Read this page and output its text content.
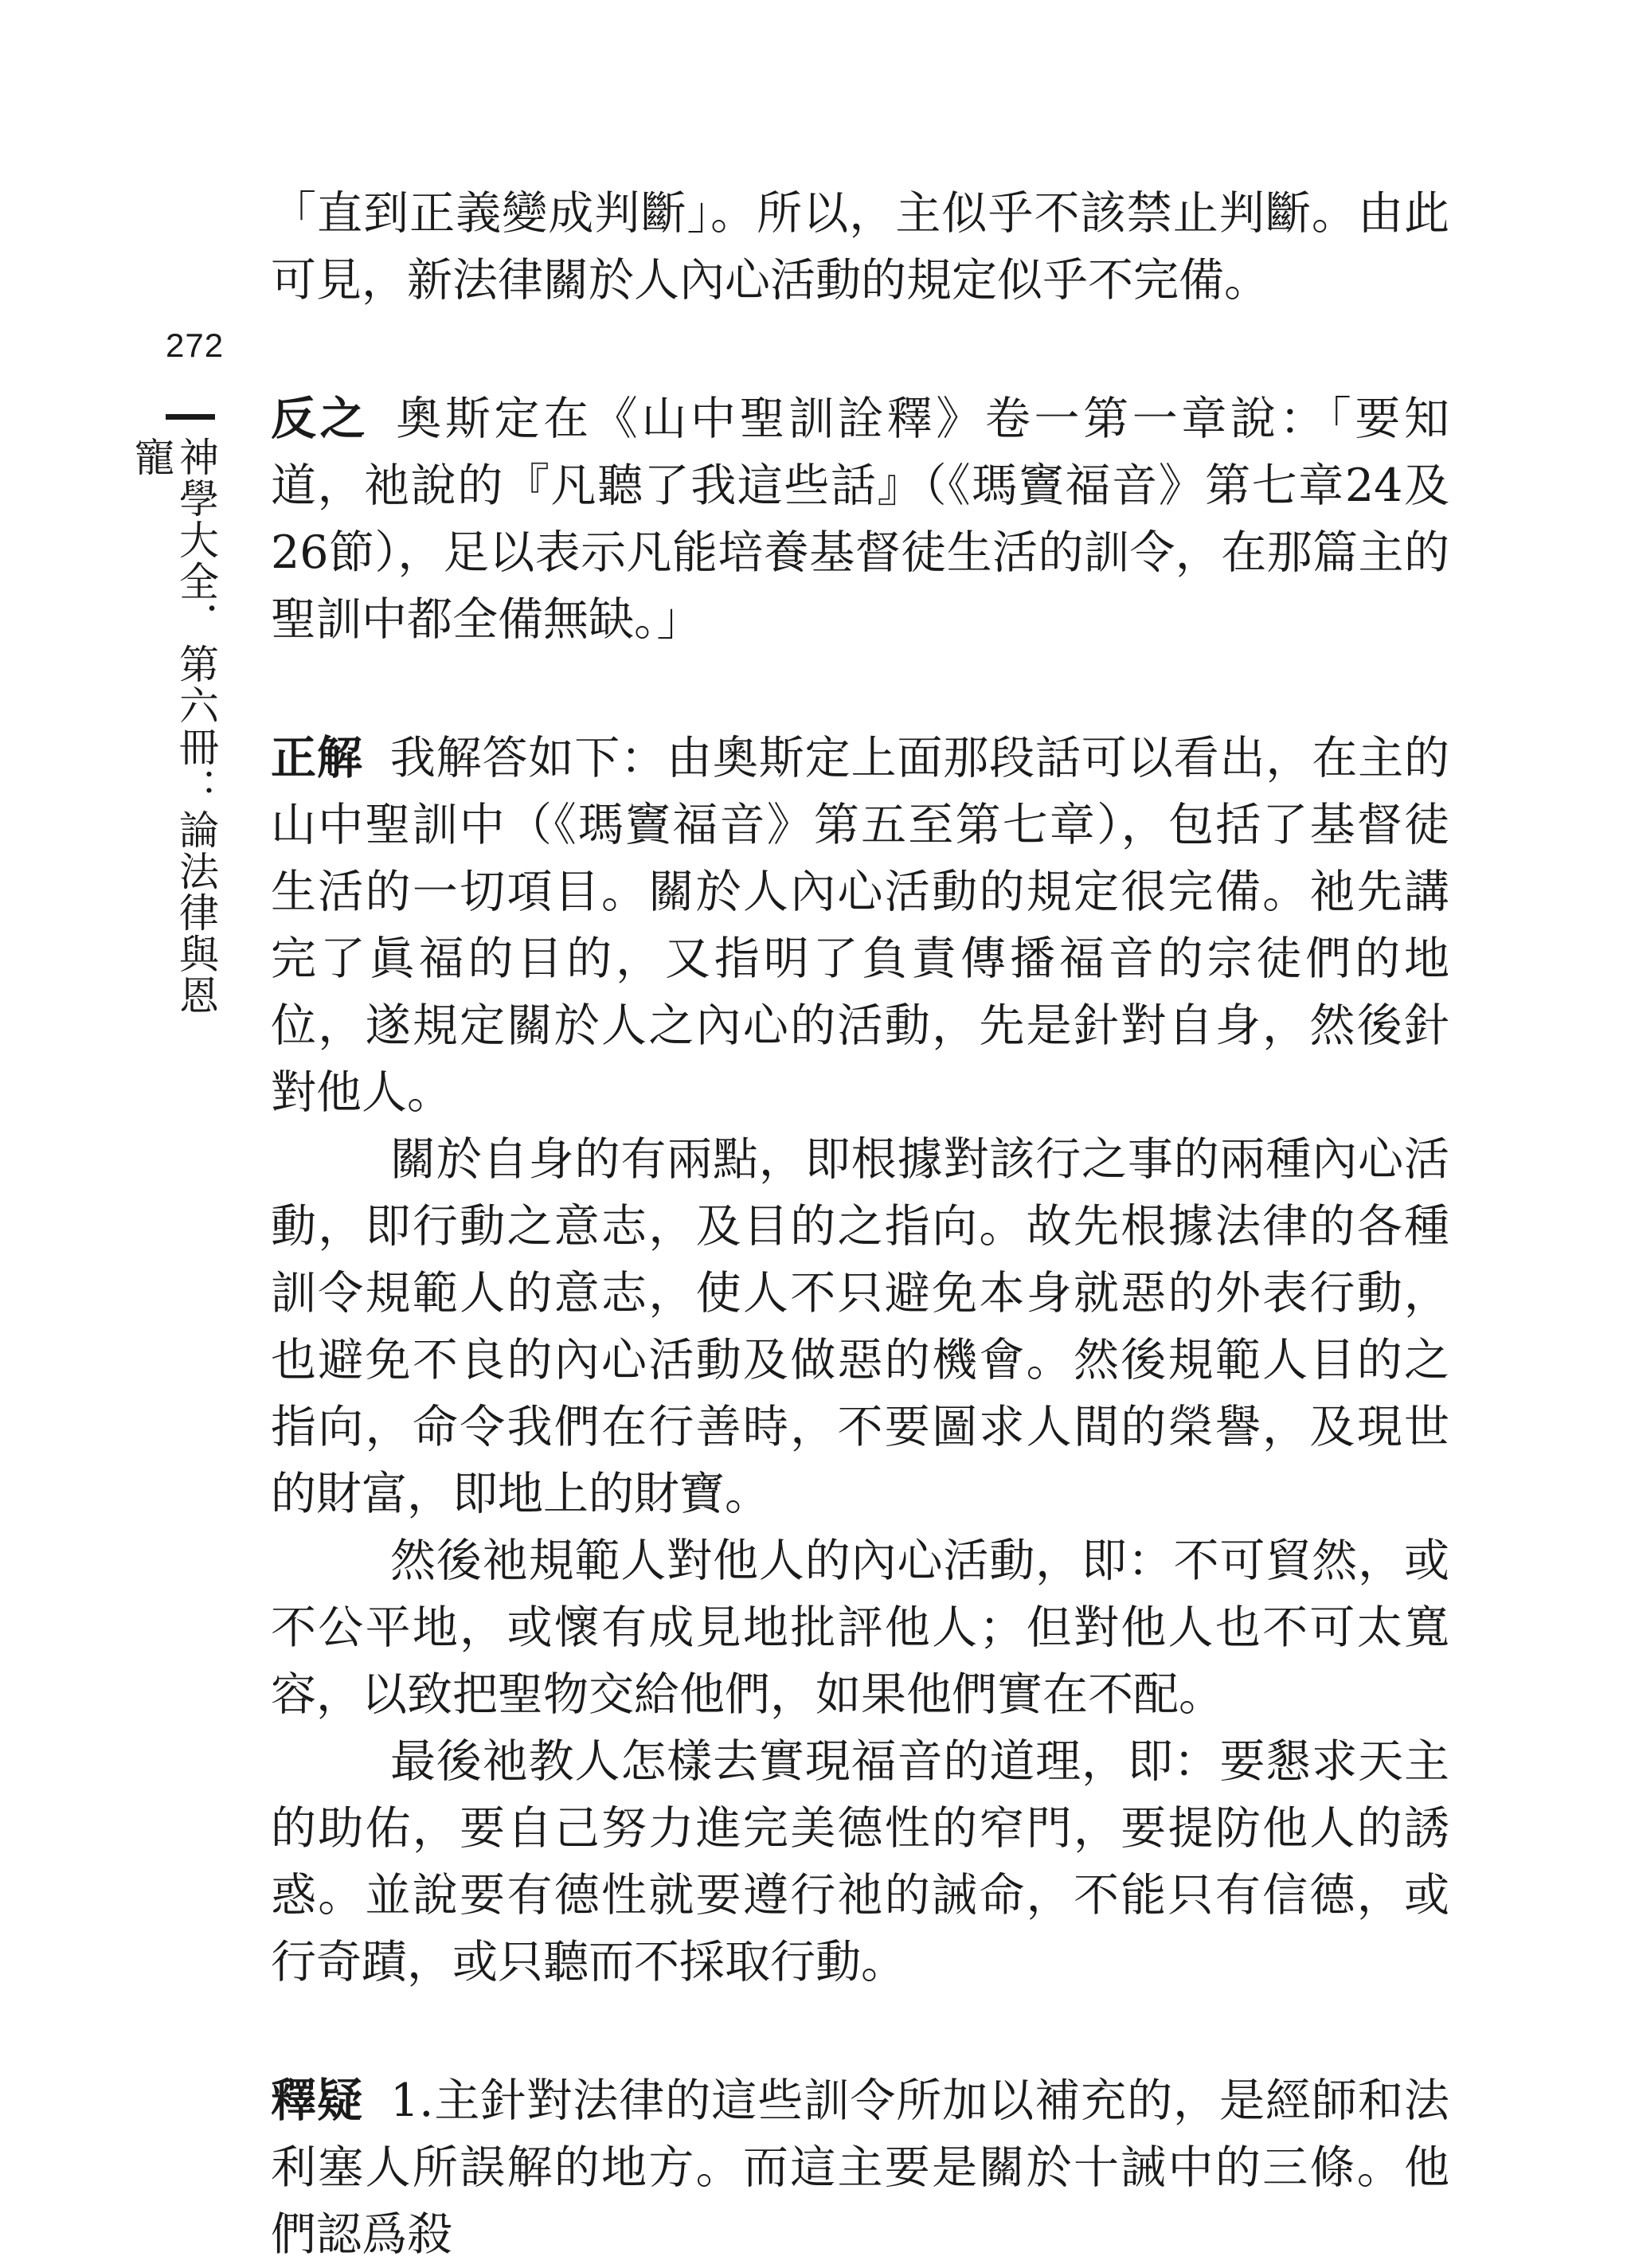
272
神學大全．第六冊：論法律與恩寵

「直到正義變成判斷」。所以，主似乎不該禁止判斷。由此可見，新法律關於人內心活動的規定似乎不完備。

反之 奧斯定在《山中聖訓詮釋》卷一第一章說：「要知道，祂說的『凡聽了我這些話』（《瑪竇福音》第七章24及26節），足以表示凡能培養基督徒生活的訓令，在那篇主的聖訓中都全備無缺。」

正解 我解答如下：由奧斯定上面那段話可以看出，在主的山中聖訓中（《瑪竇福音》第五至第七章），包括了基督徒生活的一切項目。關於人內心活動的規定很完備。祂先講完了眞福的目的，又指明了負責傳播福音的宗徒們的地位，遂規定關於人之內心的活動，先是針對自身，然後針對他人。

關於自身的有兩點，即根據對該行之事的兩種內心活動，即行動之意志，及目的之指向。故先根據法律的各種訓令規範人的意志，使人不只避免本身就惡的外表行動，也避免不良的內心活動及做惡的機會。然後規範人目的之指向，命令我們在行善時，不要圖求人間的榮譽，及現世的財富，即地上的財寶。

然後祂規範人對他人的內心活動，即：不可貿然，或不公平地，或懷有成見地批評他人；但對他人也不可太寬容，以致把聖物交給他們，如果他們實在不配。

最後祂教人怎樣去實現福音的道理，即：要懇求天主的助佑，要自己努力進完美德性的窄門，要提防他人的誘惑。並說要有德性就要遵行祂的誡命，不能只有信德，或行奇蹟，或只聽而不採取行動。

釋疑 1.主針對法律的這些訓令所加以補充的，是經師和法利塞人所誤解的地方。而這主要是關於十誡中的三條。他們認爲殺
